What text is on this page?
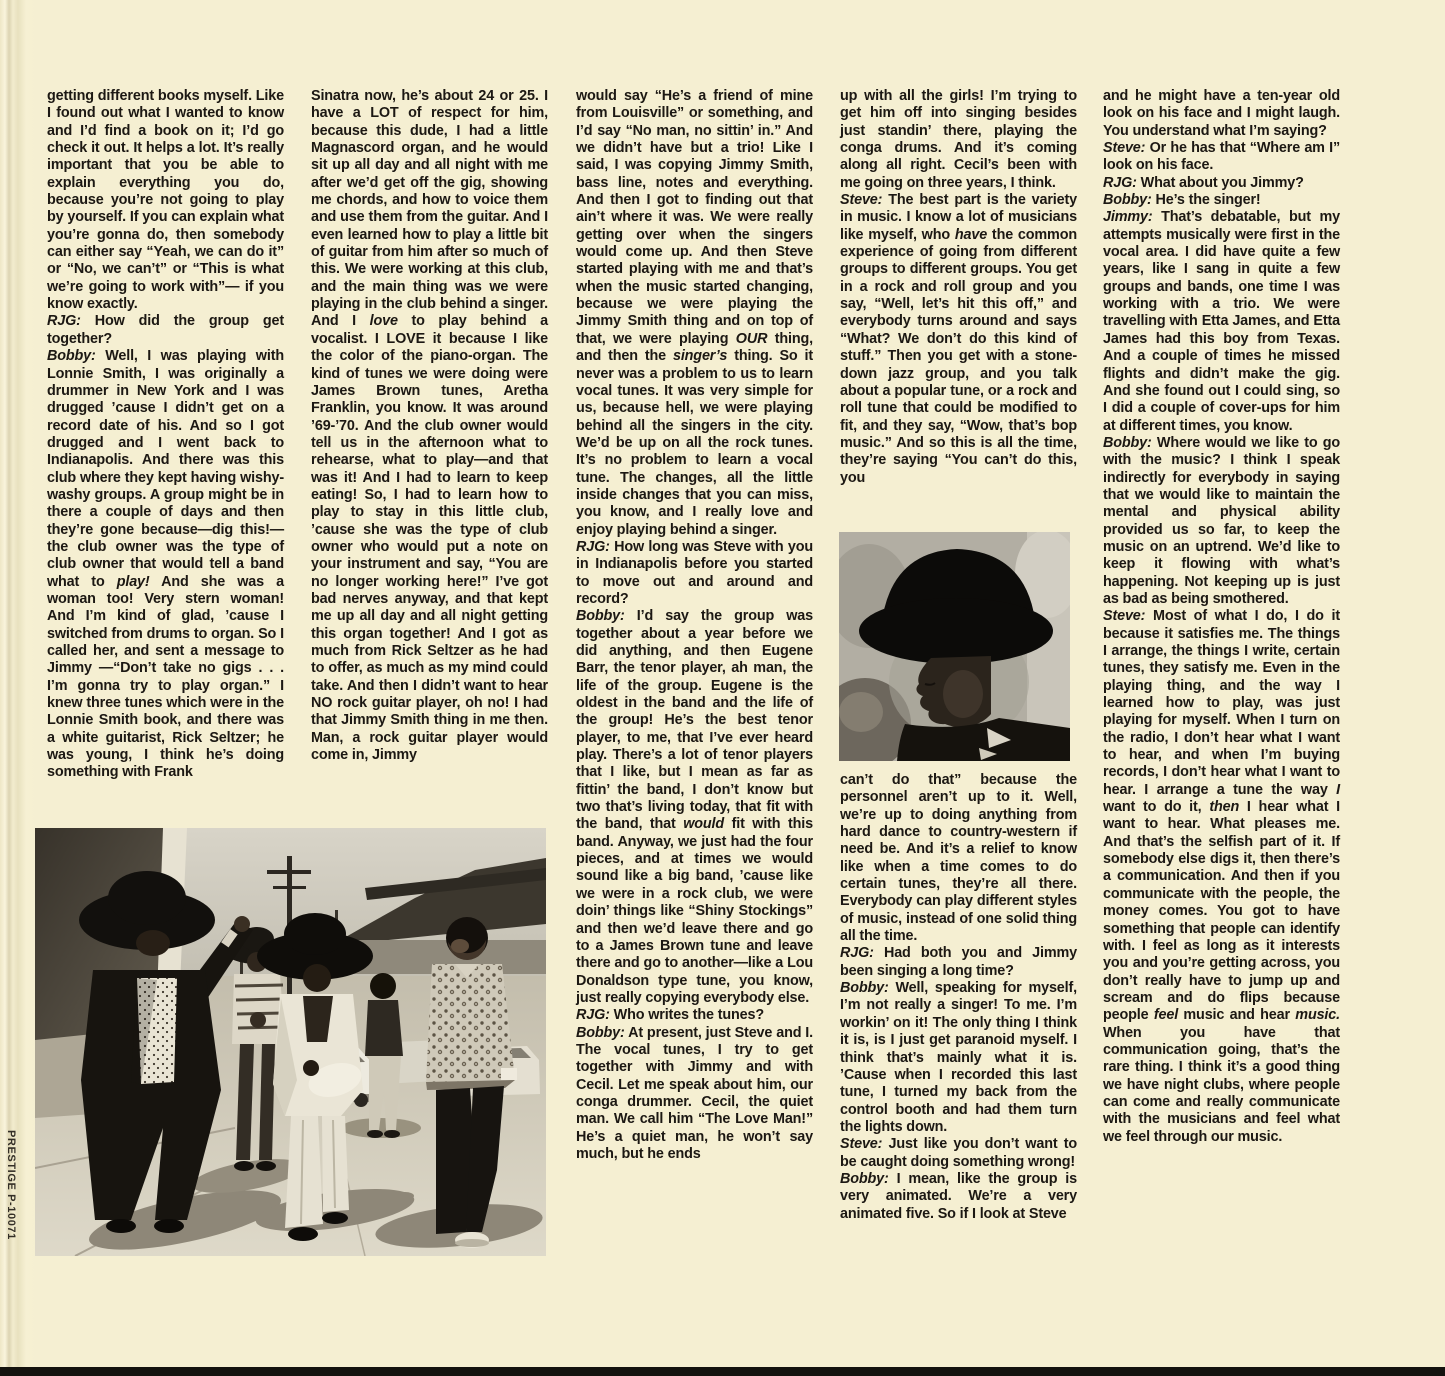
PRESTIGE P-10071
getting different books myself. Like I found out what I wanted to know and I’d find a book on it; I’d go check it out. It helps a lot. It’s really important that you be able to explain everything you do, because you’re not going to play by yourself. If you can explain what you’re gonna do, then somebody can either say “Yeah, we can do it” or “No, we can’t” or “This is what we’re going to work with”— if you know exactly.
RJG: How did the group get together?
Bobby: Well, I was playing with Lonnie Smith, I was originally a drummer in New York and I was drugged ’cause I didn’t get on a record date of his. And so I got drugged and I went back to Indianapolis. And there was this club where they kept having wishy-washy groups. A group might be in there a couple of days and then they’re gone because—dig this!—the club owner was the type of club owner that would tell a band what to play! And she was a woman too! Very stern woman! And I’m kind of glad, ’cause I switched from drums to organ. So I called her, and sent a message to Jimmy —“Don’t take no gigs . . . I’m gonna try to play organ.” I knew three tunes which were in the Lonnie Smith book, and there was a white guitarist, Rick Seltzer; he was young, I think he’s doing something with Frank
Sinatra now, he’s about 24 or 25. I have a LOT of respect for him, because this dude, I had a little Magnascord organ, and he would sit up all day and all night with me after we’d get off the gig, showing me chords, and how to voice them and use them from the guitar. And I even learned how to play a little bit of guitar from him after so much of this. We were working at this club, and the main thing was we were playing in the club behind a singer. And I love to play behind a vocalist. I LOVE it because I like the color of the piano-organ. The kind of tunes we were doing were James Brown tunes, Aretha Franklin, you know. It was around ’69-’70. And the club owner would tell us in the afternoon what to rehearse, what to play—and that was it! And I had to learn to keep eating! So, I had to learn how to play to stay in this little club, ’cause she was the type of club owner who would put a note on your instrument and say, “You are no longer working here!” I’ve got bad nerves anyway, and that kept me up all day and all night getting this organ together! And I got as much from Rick Seltzer as he had to offer, as much as my mind could take. And then I didn’t want to hear NO rock guitar player, oh no! I had that Jimmy Smith thing in me then. Man, a rock guitar player would come in, Jimmy
would say “He’s a friend of mine from Louisville” or something, and I’d say “No man, no sittin’ in.” And we didn’t have but a trio! Like I said, I was copying Jimmy Smith, bass line, notes and everything. And then I got to finding out that ain’t where it was. We were really getting over when the singers would come up. And then Steve started playing with me and that’s when the music started changing, because we were playing the Jimmy Smith thing and on top of that, we were playing OUR thing, and then the singer’s thing. So it never was a problem to us to learn vocal tunes. It was very simple for us, because hell, we were playing behind all the singers in the city. We’d be up on all the rock tunes. It’s no problem to learn a vocal tune. The changes, all the little inside changes that you can miss, you know, and I really love and enjoy playing behind a singer.
RJG: How long was Steve with you in Indianapolis before you started to move out and around and record?
Bobby: I’d say the group was together about a year before we did anything, and then Eugene Barr, the tenor player, ah man, the life of the group. Eugene is the oldest in the band and the life of the group! He’s the best tenor player, to me, that I’ve ever heard play. There’s a lot of tenor players that I like, but I mean as far as fittin’ the band, I don’t know but two that’s living today, that fit with the band, that would fit with this band. Anyway, we just had the four pieces, and at times we would sound like a big band, ’cause like we were in a rock club, we were doin’ things like “Shiny Stockings” and then we’d leave there and go to a James Brown tune and leave there and go to another—like a Lou Donaldson type tune, you know, just really copying everybody else.
RJG: Who writes the tunes?
Bobby: At present, just Steve and I. The vocal tunes, I try to get together with Jimmy and with Cecil. Let me speak about him, our conga drummer. Cecil, the quiet man. We call him “The Love Man!” He’s a quiet man, he won’t say much, but he ends
up with all the girls! I’m trying to get him off into singing besides just standin’ there, playing the conga drums. And it’s coming along all right. Cecil’s been with me going on three years, I think.
Steve: The best part is the variety in music. I know a lot of musicians like myself, who have the common experience of going from different groups to different groups. You get in a rock and roll group and you say, “Well, let’s hit this off,” and everybody turns around and says “What? We don’t do this kind of stuff.” Then you get with a stone-down jazz group, and you talk about a popular tune, or a rock and roll tune that could be modified to fit, and they say, “Wow, that’s bop music.” And so this is all the time, they’re saying “You can’t do this, you
can’t do that” because the personnel aren’t up to it. Well, we’re up to doing anything from hard dance to country-western if need be. And it’s a relief to know like when a time comes to do certain tunes, they’re all there. Everybody can play different styles of music, instead of one solid thing all the time.
RJG: Had both you and Jimmy been singing a long time?
Bobby: Well, speaking for myself, I’m not really a singer! To me. I’m workin’ on it! The only thing I think it is, is I just get paranoid myself. I think that’s mainly what it is. ’Cause when I recorded this last tune, I turned my back from the control booth and had them turn the lights down.
Steve: Just like you don’t want to be caught doing something wrong!
Bobby: I mean, like the group is very animated. We’re a very animated five. So if I look at Steve
and he might have a ten-year old look on his face and I might laugh. You understand what I’m saying?
Steve: Or he has that “Where am I” look on his face.
RJG: What about you Jimmy?
Bobby: He’s the singer!
Jimmy: That’s debatable, but my attempts musically were first in the vocal area. I did have quite a few years, like I sang in quite a few groups and bands, one time I was working with a trio. We were travelling with Etta James, and Etta James had this boy from Texas. And a couple of times he missed flights and didn’t make the gig. And she found out I could sing, so I did a couple of cover-ups for him at different times, you know.
Bobby: Where would we like to go with the music? I think I speak indirectly for everybody in saying that we would like to maintain the mental and physical ability provided us so far, to keep the music on an uptrend. We’d like to keep it flowing with what’s happening. Not keeping up is just as bad as being smothered.
Steve: Most of what I do, I do it because it satisfies me. The things I arrange, the things I write, certain tunes, they satisfy me. Even in the playing thing, and the way I learned how to play, was just playing for myself. When I turn on the radio, I don’t hear what I want to hear, and when I’m buying records, I don’t hear what I want to hear. I arrange a tune the way I want to do it, then I hear what I want to hear. What pleases me. And that’s the selfish part of it. If somebody else digs it, then there’s a communication. And then if you communicate with the people, the money comes. You got to have something that people can identify with. I feel as long as it interests you and you’re getting across, you don’t really have to jump up and scream and do flips because people feel music and hear music. When you have that communication going, that’s the rare thing. I think it’s a good thing we have night clubs, where people can come and really communicate with the musicians and feel what we feel through our music.
